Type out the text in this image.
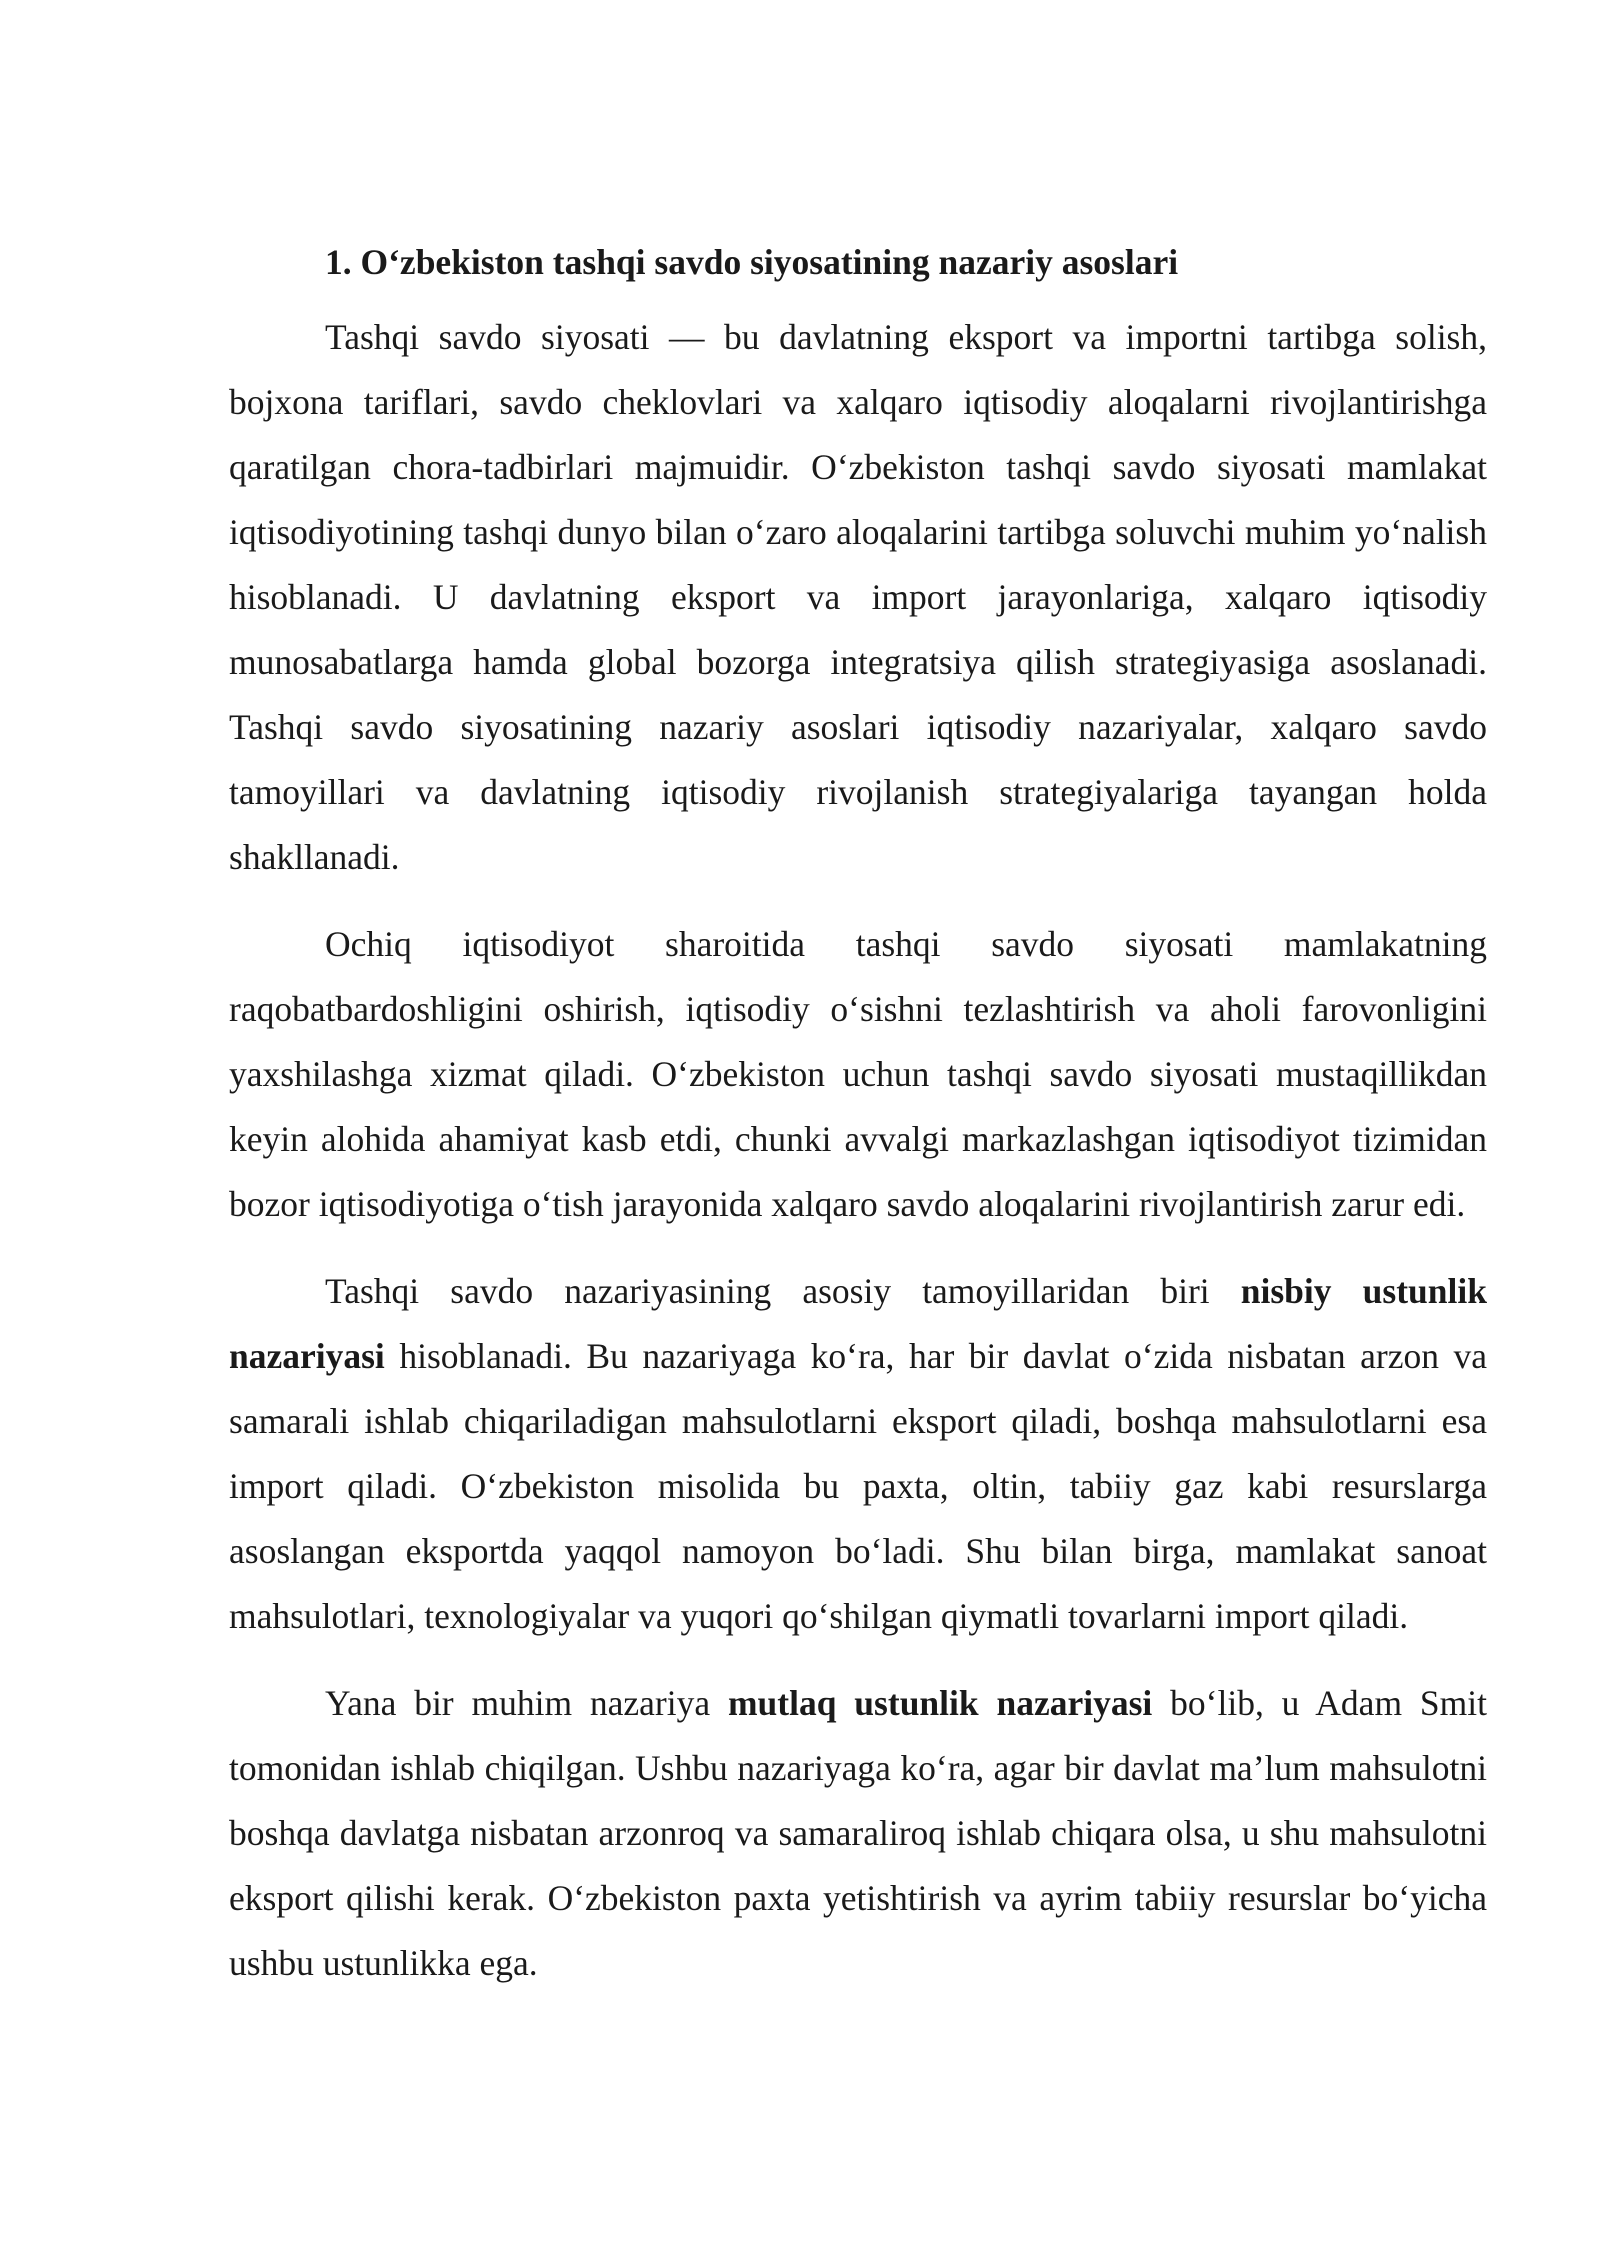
1. O‘zbekiston tashqi savdo siyosatining nazariy asoslari

Tashqi savdo siyosati — bu davlatning eksport va importni tartibga solish, bojxona tariflari, savdo cheklovlari va xalqaro iqtisodiy aloqalarni rivojlantirishga qaratilgan chora-tadbirlari majmuidir. O‘zbekiston tashqi savdo siyosati mamlakat iqtisodiyotining tashqi dunyo bilan o‘zaro aloqalarini tartibga soluvchi muhim yo‘nalish hisoblanadi. U davlatning eksport va import jarayonlariga, xalqaro iqtisodiy munosabatlarga hamda global bozorga integratsiya qilish strategiyasiga asoslanadi. Tashqi savdo siyosatining nazariy asoslari iqtisodiy nazariyalar, xalqaro savdo tamoyillari va davlatning iqtisodiy rivojlanish strategiyalariga tayangan holda shakllanadi.

Ochiq iqtisodiyot sharoitida tashqi savdo siyosati mamlakatning raqobatbardoshligini oshirish, iqtisodiy o‘sishni tezlashtirish va aholi farovonligini yaxshilashga xizmat qiladi. O‘zbekiston uchun tashqi savdo siyosati mustaqillikdan keyin alohida ahamiyat kasb etdi, chunki avvalgi markazlashgan iqtisodiyot tizimidan bozor iqtisodiyotiga o‘tish jarayonida xalqaro savdo aloqalarini rivojlantirish zarur edi.

Tashqi savdo nazariyasining asosiy tamoyillaridan biri nisbiy ustunlik nazariyasi hisoblanadi. Bu nazariyaga ko‘ra, har bir davlat o‘zida nisbatan arzon va samarali ishlab chiqariladigan mahsulotlarni eksport qiladi, boshqa mahsulotlarni esa import qiladi. O‘zbekiston misolida bu paxta, oltin, tabiiy gaz kabi resurslarga asoslangan eksportda yaqqol namoyon bo‘ladi. Shu bilan birga, mamlakat sanoat mahsulotlari, texnologiyalar va yuqori qo‘shilgan qiymatli tovarlarni import qiladi.

Yana bir muhim nazariya mutlaq ustunlik nazariyasi bo‘lib, u Adam Smit tomonidan ishlab chiqilgan. Ushbu nazariyaga ko‘ra, agar bir davlat ma’lum mahsulotni boshqa davlatga nisbatan arzonroq va samaraliroq ishlab chiqara olsa, u shu mahsulotni eksport qilishi kerak. O‘zbekiston paxta yetishtirish va ayrim tabiiy resurslar bo‘yicha ushbu ustunlikka ega.
